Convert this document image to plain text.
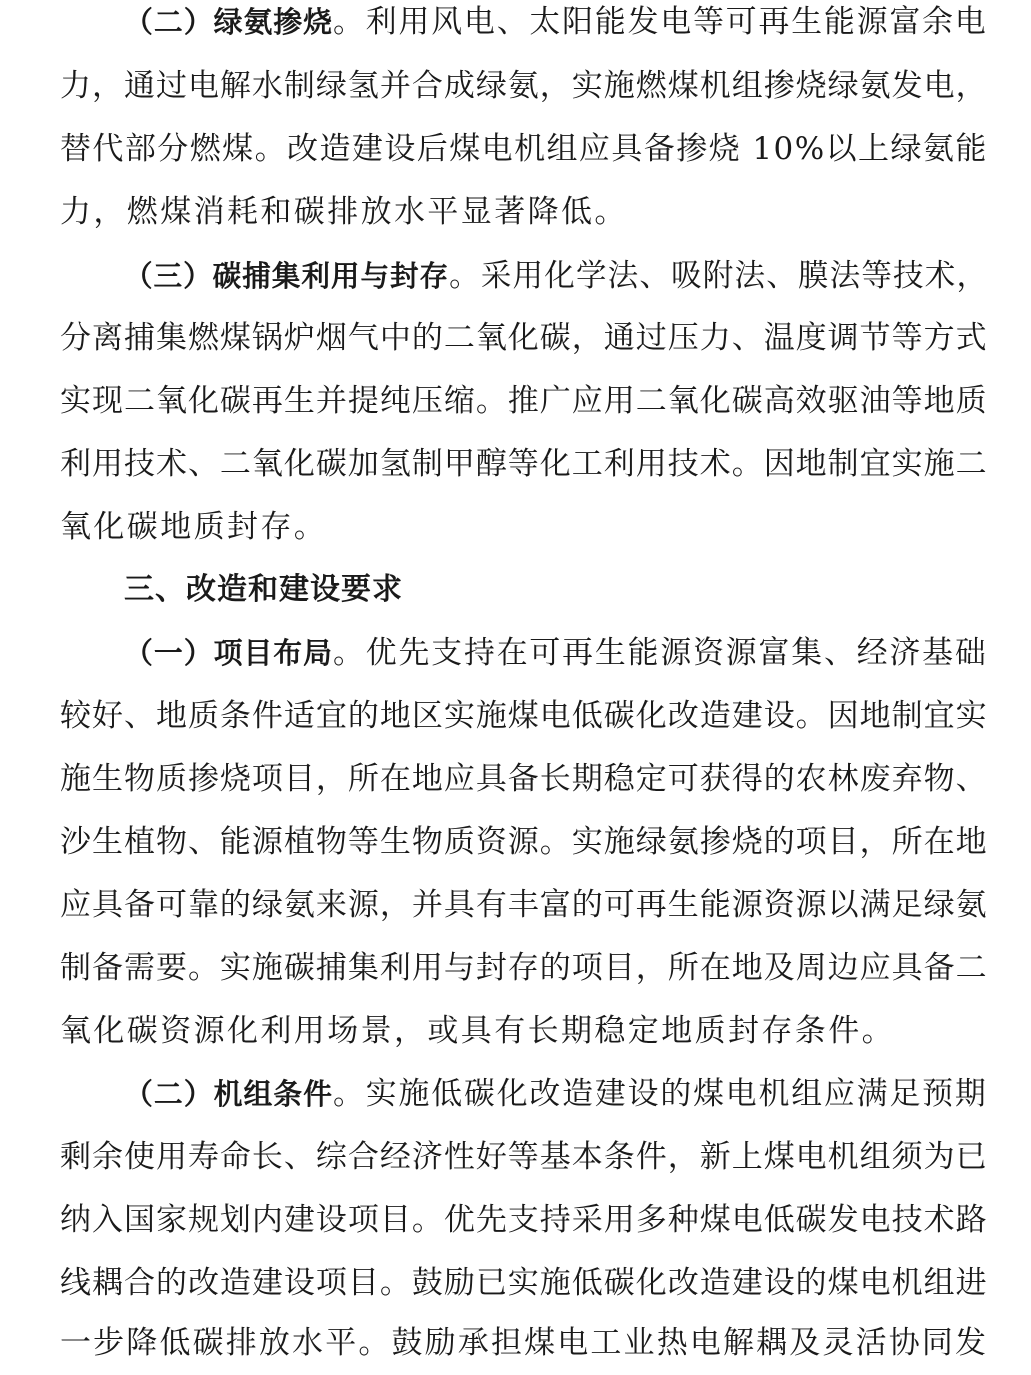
（二）绿氨掺烧。利用风电、太阳能发电等可再生能源富余电
力，通过电解水制绿氢并合成绿氨，实施燃煤机组掺烧绿氨发电，
替代部分燃煤。改造建设后煤电机组应具备掺烧 10%以上绿氨能
力，燃煤消耗和碳排放水平显著降低。
（三）碳捕集利用与封存。采用化学法、吸附法、膜法等技术，
分离捕集燃煤锅炉烟气中的二氧化碳，通过压力、温度调节等方式
实现二氧化碳再生并提纯压缩。推广应用二氧化碳高效驱油等地质
利用技术、二氧化碳加氢制甲醇等化工利用技术。因地制宜实施二
氧化碳地质封存。
三、改造和建设要求
（一）项目布局。优先支持在可再生能源资源富集、经济基础
较好、地质条件适宜的地区实施煤电低碳化改造建设。因地制宜实
施生物质掺烧项目，所在地应具备长期稳定可获得的农林废弃物、
沙生植物、能源植物等生物质资源。实施绿氨掺烧的项目，所在地
应具备可靠的绿氨来源，并具有丰富的可再生能源资源以满足绿氨
制备需要。实施碳捕集利用与封存的项目，所在地及周边应具备二
氧化碳资源化利用场景，或具有长期稳定地质封存条件。
（二）机组条件。实施低碳化改造建设的煤电机组应满足预期
剩余使用寿命长、综合经济性好等基本条件，新上煤电机组须为已
纳入国家规划内建设项目。优先支持采用多种煤电低碳发电技术路
线耦合的改造建设项目。鼓励已实施低碳化改造建设的煤电机组进
一步降低碳排放水平。鼓励承担煤电工业热电解耦及灵活协同发
